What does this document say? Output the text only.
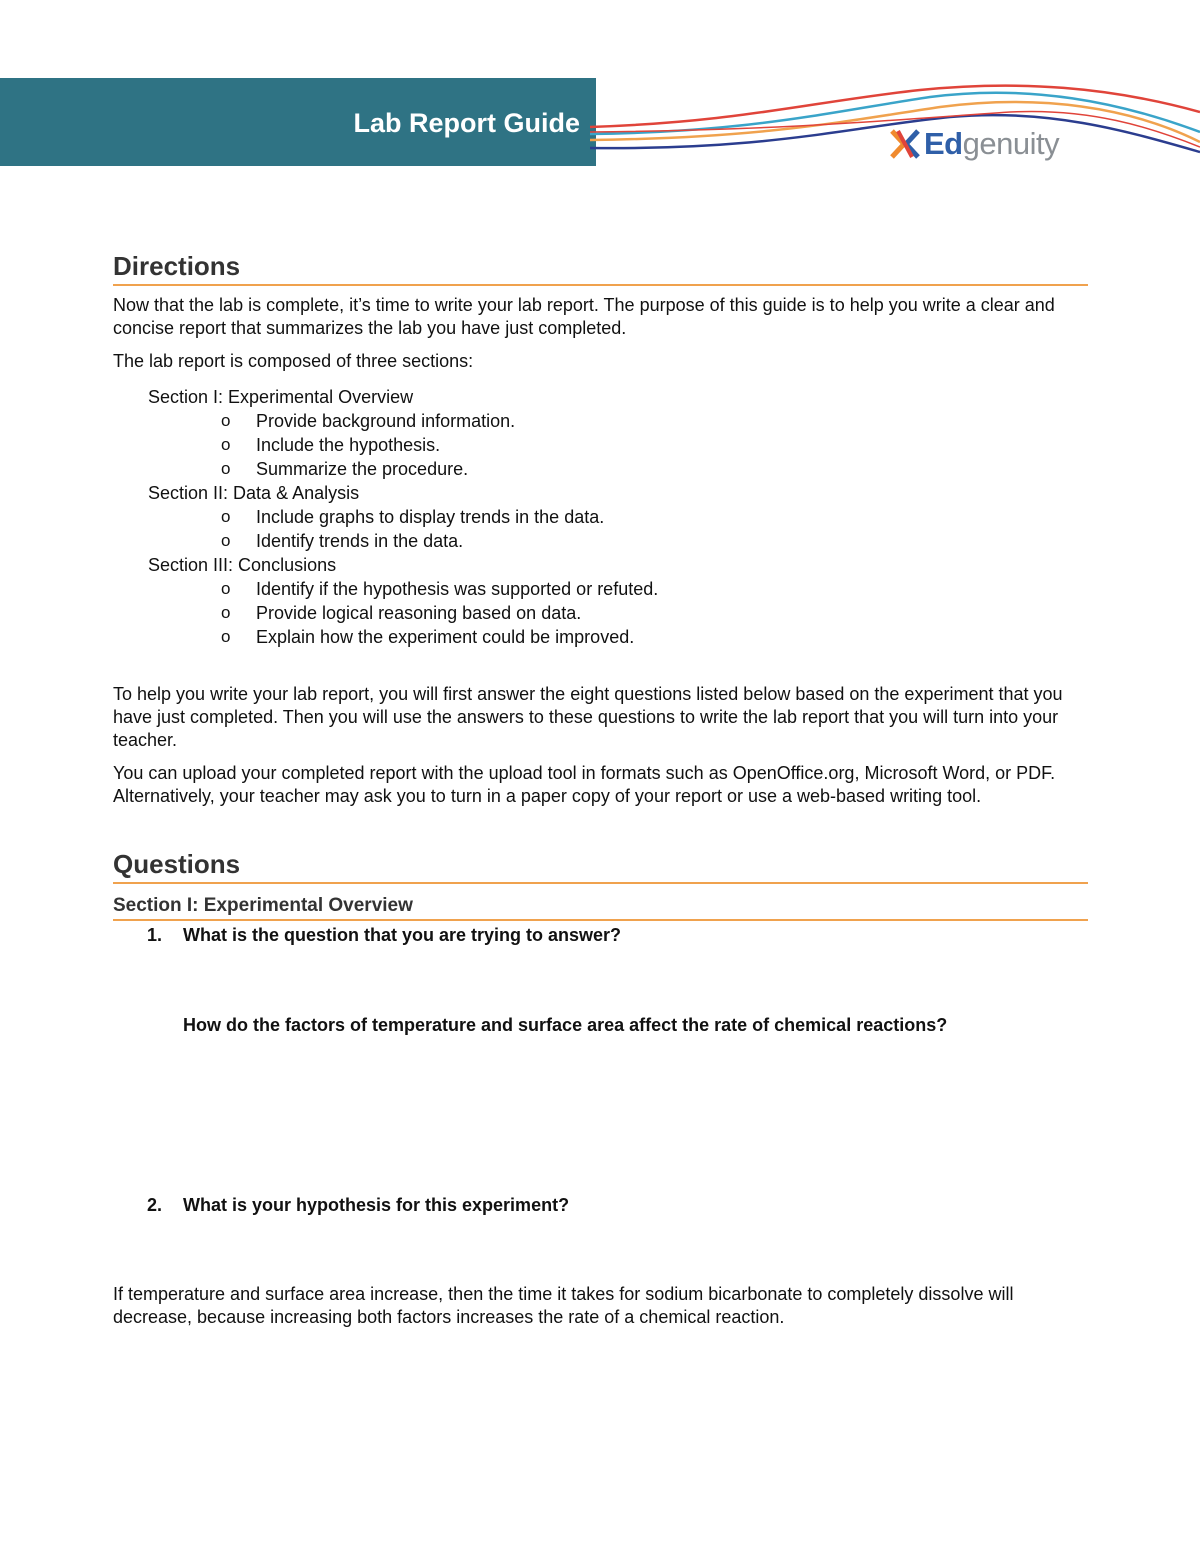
Lab Report Guide
Edgenuity
Directions

Now that the lab is complete, it’s time to write your lab report. The purpose of this guide is to help you write a clear and concise report that summarizes the lab you have just completed.

The lab report is composed of three sections:

Section I: Experimental Overview
o	Provide background information.
o	Include the hypothesis.
o	Summarize the procedure.
Section II: Data & Analysis
o	Include graphs to display trends in the data.
o	Identify trends in the data.
Section III: Conclusions
o	Identify if the hypothesis was supported or refuted.
o	Provide logical reasoning based on data.
o	Explain how the experiment could be improved.

To help you write your lab report, you will first answer the eight questions listed below based on the experiment that you have just completed. Then you will use the answers to these questions to write the lab report that you will turn into your teacher.

You can upload your completed report with the upload tool in formats such as OpenOffice.org, Microsoft Word, or PDF. Alternatively, your teacher may ask you to turn in a paper copy of your report or use a web-based writing tool.

Questions
Section I: Experimental Overview
1.	What is the question that you are trying to answer?
How do the factors of temperature and surface area affect the rate of chemical reactions?
2.	What is your hypothesis for this experiment?

If temperature and surface area increase, then the time it takes for sodium bicarbonate to completely dissolve will decrease, because increasing both factors increases the rate of a chemical reaction.
